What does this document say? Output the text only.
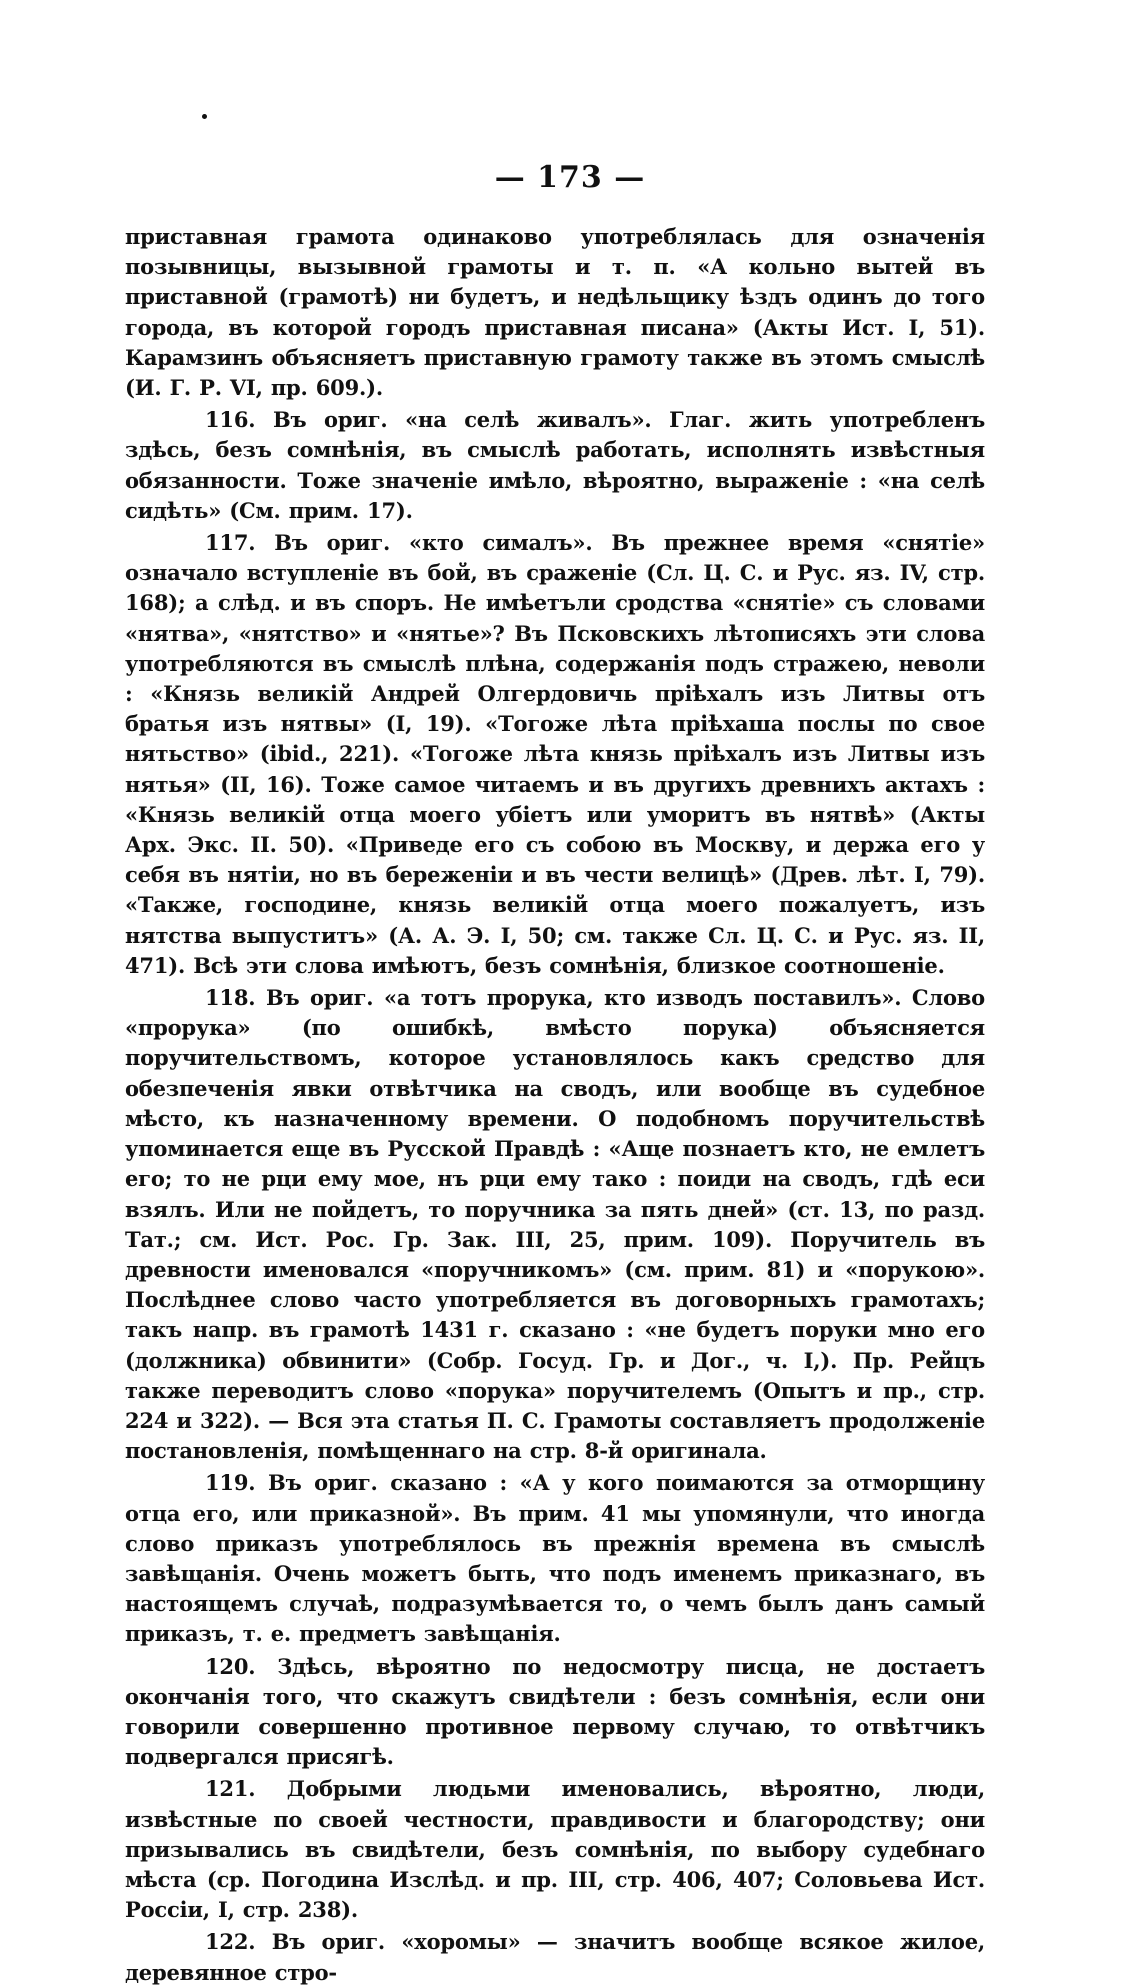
— 173 —

приставная грамота одинаково употреблялась для означенія позывницы, вызывной грамоты и т. п. «А кольно вытей въ приставной (грамотѣ) ни будетъ, и недѣльщику ѣздъ одинъ до того города, въ которой городъ приставная писана» (Акты Ист. I, 51). Карамзинъ объясняетъ приставную грамоту также въ этомъ смыслѣ (И. Г. Р. VI, пр. 609.).

116. Въ ориг. «на селѣ живалъ». Глаг. жить употребленъ здѣсь, безъ сомнѣнія, въ смыслѣ работать, исполнять извѣстныя обязанности. Тоже значеніе имѣло, вѣроятно, выраженіе : «на селѣ сидѣть» (См. прим. 17).

117. Въ ориг. «кто сималъ». Въ прежнее время «снятіе» означало вступленіе въ бой, въ сраженіе (Сл. Ц. С. и Рус. яз. IV, стр. 168); а слѣд. и въ споръ. Не имѣетъли сродства «снятіе» съ словами «нятва», «нятство» и «нятье»? Въ Псковскихъ лѣтописяхъ эти слова употребляются въ смыслѣ плѣна, содержанія подъ стражею, неволи : «Князь великій Андрей Олгердовичь пріѣхалъ изъ Литвы отъ братья изъ нятвы» (I, 19). «Тогоже лѣта пріѣхаша послы по свое нятьство» (ibid., 221). «Тогоже лѣта князь пріѣхалъ изъ Литвы изъ нятья» (II, 16). Тоже самое читаемъ и въ другихъ древнихъ актахъ : «Князь великій отца моего убіетъ или уморитъ въ нятвѣ» (Акты Арх. Экс. II. 50). «Приведе его съ собою въ Москву, и держа его у себя въ нятіи, но въ береженіи и въ чести велицѣ» (Древ. лѣт. I, 79). «Также, господине, князь великій отца моего пожалуетъ, изъ нятства выпуститъ» (А. А. Э. I, 50; см. также Сл. Ц. С. и Рус. яз. II, 471). Всѣ эти слова имѣютъ, безъ сомнѣнія, близкое соотношеніе.

118. Въ ориг. «а тотъ прорука, кто изводъ поставилъ». Слово «прорука» (по ошибкѣ, вмѣсто порука) объясняется поручительствомъ, которое установлялось какъ средство для обезпеченія явки отвѣтчика на сводъ, или вообще въ судебное мѣсто, къ назначенному времени. О подобномъ поручительствѣ упоминается еще въ Русской Правдѣ : «Аще познаетъ кто, не емлетъ его; то не рци ему мое, нъ рци ему тако : поиди на сводъ, гдѣ еси взялъ. Или не пойдетъ, то поручника за пять дней» (ст. 13, по разд. Тат.; см. Ист. Рос. Гр. Зак. III, 25, прим. 109). Поручитель въ древности именовался «поручникомъ» (см. прим. 81) и «порукою». Послѣднее слово часто употребляется въ договорныхъ грамотахъ; такъ напр. въ грамотѣ 1431 г. сказано : «не будетъ поруки мно его (должника) обвинити» (Собр. Госуд. Гр. и Дог., ч. I,). Пр. Рейцъ также переводитъ слово «порука» поручителемъ (Опытъ и пр., стр. 224 и 322). — Вся эта статья П. С. Грамоты составляетъ продолженіе постановленія, помѣщеннаго на стр. 8-й оригинала.

119. Въ ориг. сказано : «А у кого поимаются за отморщину отца его, или приказной». Въ прим. 41 мы упомянули, что иногда слово приказъ употреблялось въ прежнія времена въ смыслѣ завѣщанія. Очень можетъ быть, что подъ именемъ приказнаго, въ настоящемъ случаѣ, подразумѣвается то, о чемъ былъ данъ самый приказъ, т. е. предметъ завѣщанія.

120. Здѣсь, вѣроятно по недосмотру писца, не достаетъ окончанія того, что скажутъ свидѣтели : безъ сомнѣнія, если они говорили совершенно противное первому случаю, то отвѣтчикъ подвергался присягѣ.

121. Добрыми людьми именовались, вѣроятно, люди, извѣстные по своей честности, правдивости и благородству; они призывались въ свидѣтели, безъ сомнѣнія, по выбору судебнаго мѣста (ср. Погодина Изслѣд. и пр. III, стр. 406, 407; Соловьева Ист. Россіи, I, стр. 238).

122. Въ ориг. «хоромы» — значитъ вообще всякое жилое, деревянное стро-
